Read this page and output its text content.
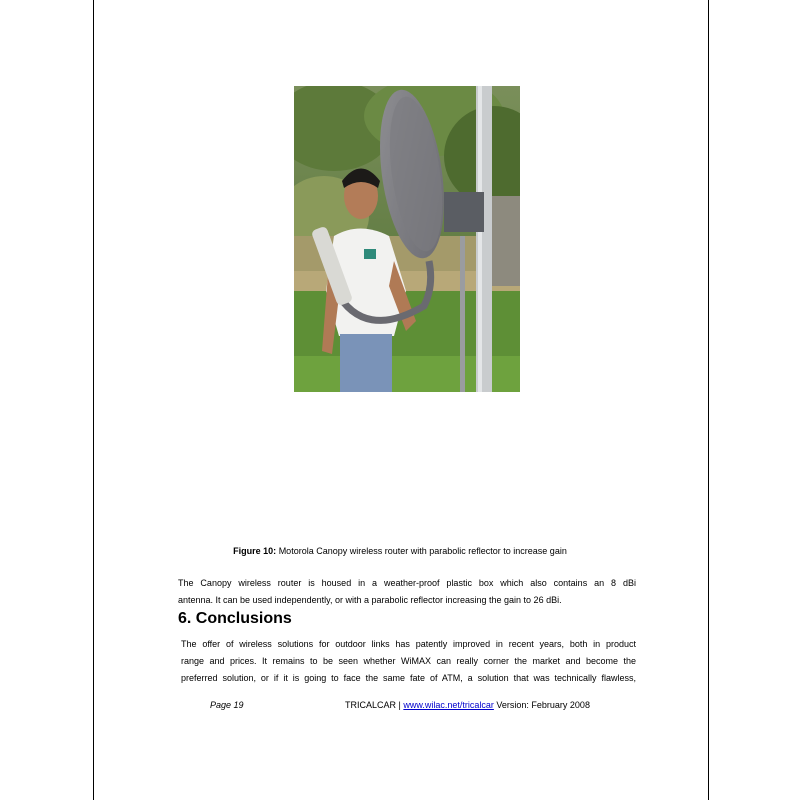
Figure 10: Motorola Canopy wireless router with parabolic reflector to increase gain
The Canopy wireless router is housed in a weather-proof plastic box which also contains an 8 dBi
antenna. It can be used independently, or with a parabolic reflector increasing the gain to 26 dBi.
6. Conclusions
The offer of wireless solutions for outdoor links has patently improved in recent years, both in product
range and prices. It remains to be seen whether WiMAX can really corner the market and become the
preferred solution, or if it is going to face the same fate of ATM, a solution that was technically flawless,
Page 19	TRICALCAR | www.wilac.net/tricalcar Version: February 2008
